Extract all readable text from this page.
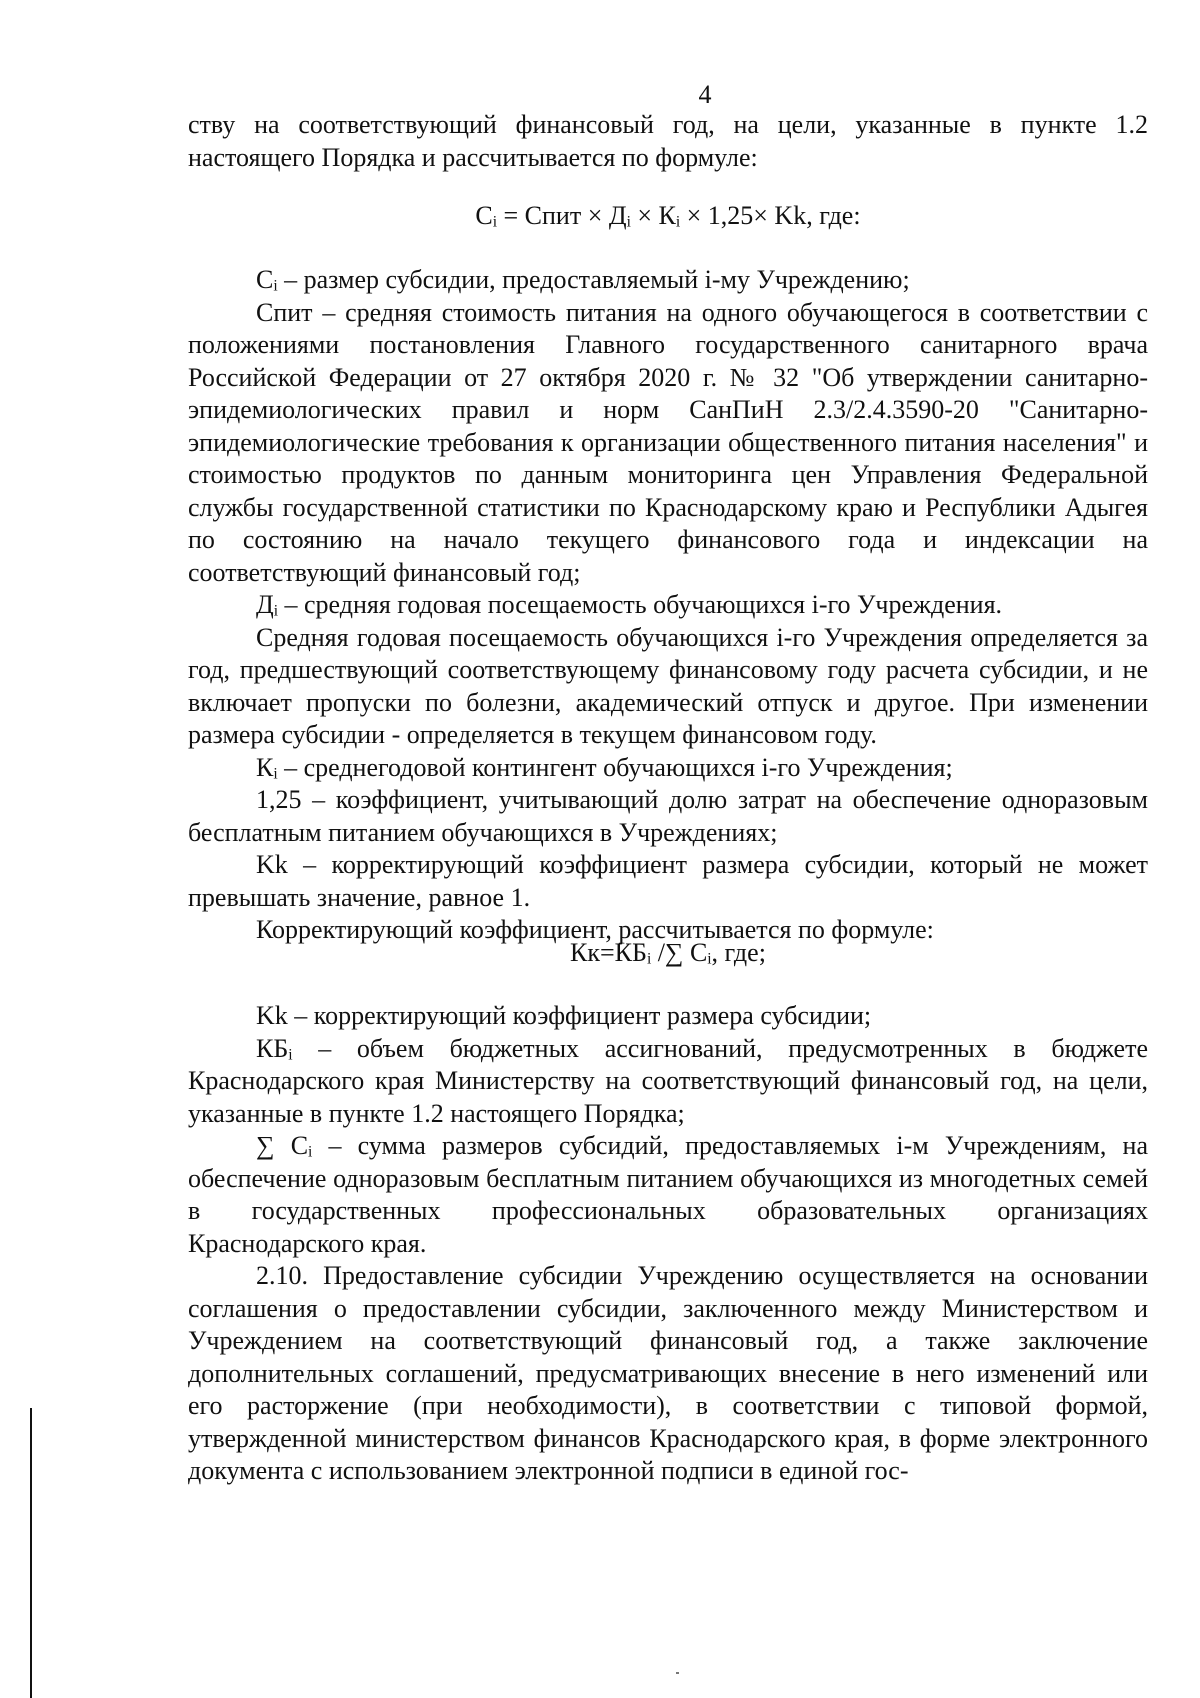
4

ству на соответствующий финансовый год, на цели, указанные в пункте 1.2 настоящего Порядка и рассчитывается по формуле:

Сᵢ = Спит × Дᵢ × Кᵢ × 1,25× Kk, где:

Сᵢ – размер субсидии, предоставляемый i-му Учреждению;

Спит – средняя стоимость питания на одного обучающегося в соответствии с положениями постановления Главного государственного санитарного врача Российской Федерации от 27 октября 2020 г. № 32 "Об утверждении санитарно-эпидемиологических правил и норм СанПиН 2.3/2.4.3590-20 "Санитарно-эпидемиологические требования к организации общественного питания населения" и стоимостью продуктов по данным мониторинга цен Управления Федеральной службы государственной статистики по Краснодарскому краю и Республики Адыгея по состоянию на начало текущего финансового года и индексации на соответствующий финансовый год;

Дᵢ – средняя годовая посещаемость обучающихся i-го Учреждения.

Средняя годовая посещаемость обучающихся i-го Учреждения определяется за год, предшествующий соответствующему финансовому году расчета субсидии, и не включает пропуски по болезни, академический отпуск и другое. При изменении размера субсидии - определяется в текущем финансовом году.

Кᵢ – среднегодовой контингент обучающихся i-го Учреждения;

1,25 – коэффициент, учитывающий долю затрат на обеспечение одноразовым бесплатным питанием обучающихся в Учреждениях;

Kk – корректирующий коэффициент размера субсидии, который не может превышать значение, равное 1.

Корректирующий коэффициент, рассчитывается по формуле:

Кк=КБᵢ /∑ Сᵢ, где;

Kk – корректирующий коэффициент размера субсидии;

КБᵢ – объем бюджетных ассигнований, предусмотренных в бюджете Краснодарского края Министерству на соответствующий финансовый год, на цели, указанные в пункте 1.2 настоящего Порядка;

∑ Сᵢ – сумма размеров субсидий, предоставляемых i-м Учреждениям, на обеспечение одноразовым бесплатным питанием обучающихся из многодетных семей в государственных профессиональных образовательных организациях Краснодарского края.

2.10. Предоставление субсидии Учреждению осуществляется на основании соглашения о предоставлении субсидии, заключенного между Министерством и Учреждением на соответствующий финансовый год, а также заключение дополнительных соглашений, предусматривающих внесение в него изменений или его расторжение (при необходимости), в соответствии с типовой формой, утвержденной министерством финансов Краснодарского края, в форме электронного документа с использованием электронной подписи в единой гос-
